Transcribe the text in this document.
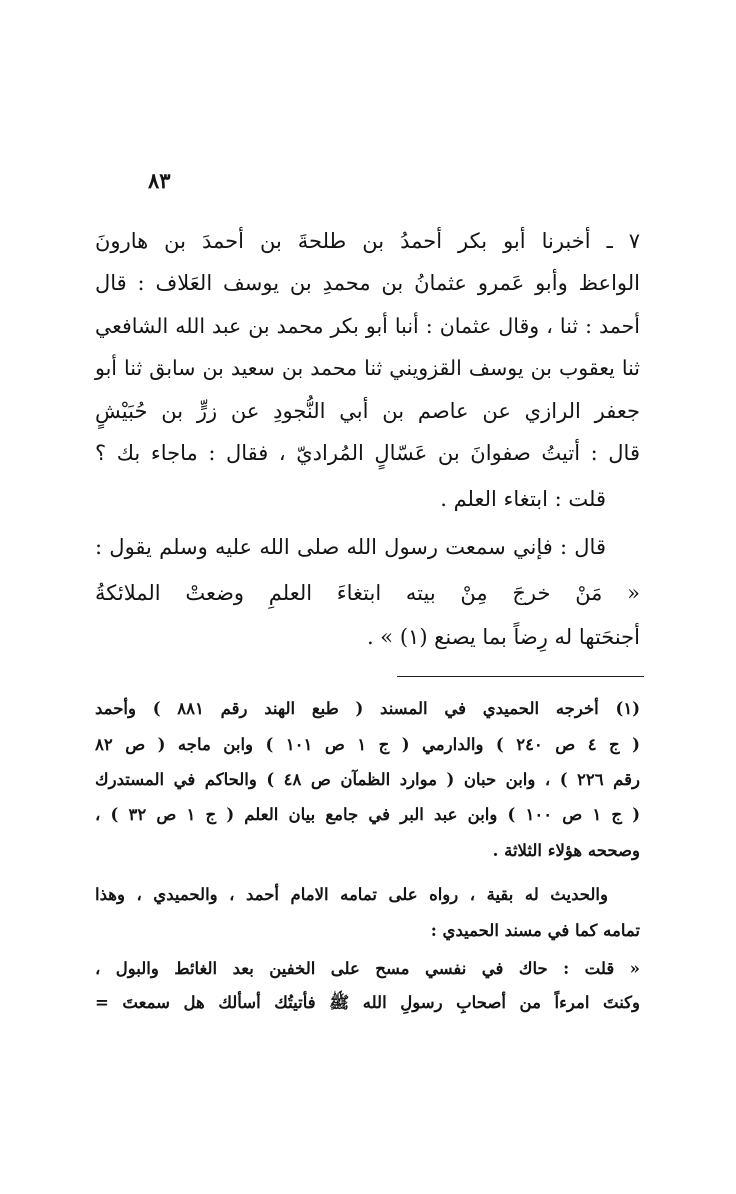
٨٣
٧ ـ أخبرنا أبو بكر أحمدُ بن طلحةَ بن أحمدَ بن هارونَ
الواعظ وأبو عَمرو عثمانُ بن محمدِ بن يوسف العَلاف : قال
أحمد : ثنا ، وقال عثمان : أنبا أبو بكر محمد بن عبد الله الشافعي
ثنا يعقوب بن يوسف القزويني ثنا محمد بن سعيد بن سابق ثنا أبو
جعفر الرازي عن عاصم بن أبي النُّجودِ عن زرٍّ بن حُبَيْشٍ
قال : أتيتُ صفوانَ بن عَسّالٍ المُراديّ ، فقال : ماجاء بك ؟
قلت : ابتغاء العلم .
قال : فإني سمعت رسول الله صلى الله عليه وسلم يقول :
« مَنْ خرجَ مِنْ بيته ابتغاءَ العلمِ وضعتْ الملائكةُ
أجنحَتها له رِضاً بما يصنع (١) » .
(١) أخرجه الحميدي في المسند ( طبع الهند رقم ٨٨١ ) وأحمد
( ج ٤ ص ٢٤٠ ) والدارمي ( ج ١ ص ١٠١ ) وابن ماجه ( ص ٨٢
رقم ٢٢٦ ) ، وابن حبان ( موارد الظمآن ص ٤٨ ) والحاكم في المستدرك
( ج ١ ص ١٠٠ ) وابن عبد البر في جامع بيان العلم ( ج ١ ص ٣٢ ) ،
وصححه هؤلاء الثلاثة .
والحديث له بقية ، رواه على تمامه الامام أحمد ، والحميدي ، وهذا
تمامه كما في مسند الحميدي :
« قلت : حاك في نفسي مسح على الخفين بعد الغائط والبول ،
وكنتَ امرءاً من أصحابِ رسولِ الله ﷺ فأتيتُك أسألك هل سمعتَ =
